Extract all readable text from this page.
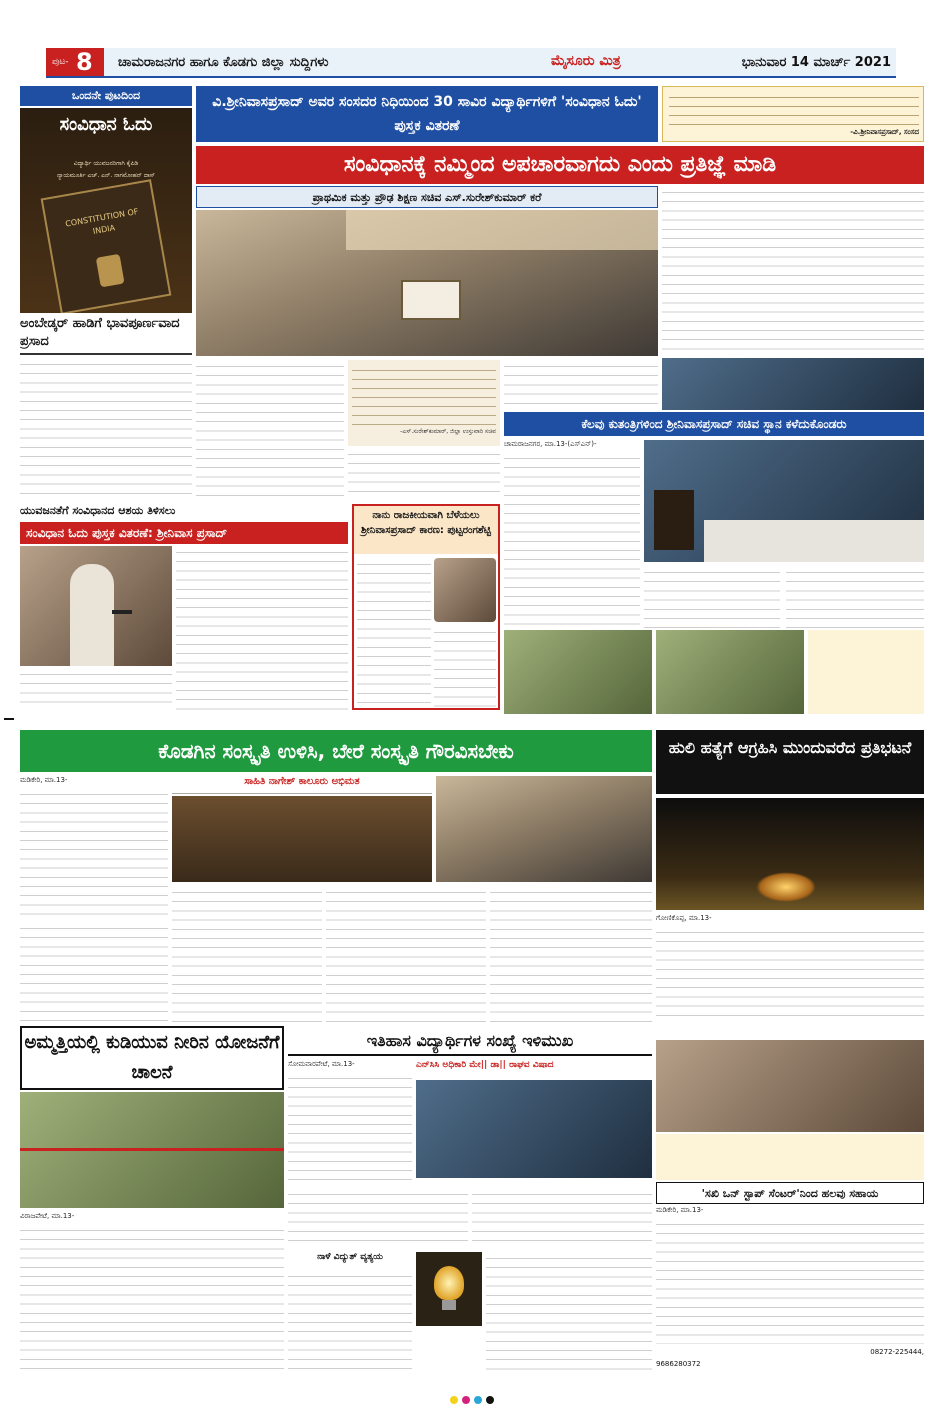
ಪುಟ- 8 ಚಾಮರಾಜನಗರ ಹಾಗೂ ಕೊಡಗು ಜಿಲ್ಲಾ ಸುದ್ದಿಗಳು	ಮೈಸೂರು ಮಿತ್ರ	ಭಾನುವಾರ 14 ಮಾರ್ಚ್ 2021
ಒಂದನೇ ಪುಟದಿಂದ
ಸಂವಿಧಾನ ಓದು
ವಿದ್ಯಾರ್ಥಿ ಯುವಜನರಿಗಾಗಿ ಕೈಪಿಡಿ
ನ್ಯಾಯಮೂರ್ತಿ ಎಚ್. ಎನ್. ನಾಗಮೋಹನ್ ದಾಸ್
CONSTITUTION OF INDIA
ಅಂಬೇಡ್ಕರ್ ಹಾಡಿಗೆ ಭಾವಪೂರ್ಣವಾದ ಪ್ರಸಾದ
ವಿ.ಶ್ರೀನಿವಾಸಪ್ರಸಾದ್ ಅವರ ಸಂಸದರ ನಿಧಿಯಿಂದ 30 ಸಾವಿರ ವಿದ್ಯಾರ್ಥಿಗಳಿಗೆ 'ಸಂವಿಧಾನ ಓದು' ಪುಸ್ತಕ ವಿತರಣೆ	-ವಿ.ಶ್ರೀನಿವಾಸಪ್ರಸಾದ್, ಸಂಸದ
ಸಂವಿಧಾನಕ್ಕೆ ನಮ್ಮಿಂದ ಅಪಚಾರವಾಗದು ಎಂದು ಪ್ರತಿಜ್ಞೆ ಮಾಡಿ
ಪ್ರಾಥಮಿಕ ಮತ್ತು ಪ್ರೌಢ ಶಿಕ್ಷಣ ಸಚಿವ ಎಸ್.ಸುರೇಶ್‌ಕುಮಾರ್ ಕರೆ
-ಎಸ್.ಸುರೇಶ್‌ಕುಮಾರ್, ಜಿಲ್ಲಾ ಉಸ್ತುವಾರಿ ಸಚಿವ
ಕೆಲವು ಕುತಂತ್ರಿಗಳಿಂದ ಶ್ರೀನಿವಾಸಪ್ರಸಾದ್ ಸಚಿವ ಸ್ಥಾನ ಕಳೆದುಕೊಂಡರು
ಚಾಮರಾಜನಗರ, ಮಾ.13-(ಎಸ್‌ಎನ್)-
ಯುವಜನತೆಗೆ ಸಂವಿಧಾನದ ಆಶಯ ತಿಳಿಸಲು
ಸಂವಿಧಾನ ಓದು ಪುಸ್ತಕ ವಿತರಣೆ: ಶ್ರೀನಿವಾಸ ಪ್ರಸಾದ್
ನಾನು ರಾಜಕೀಯವಾಗಿ ಬೆಳೆಯಲು ಶ್ರೀನಿವಾಸಪ್ರಸಾದ್ ಕಾರಣ: ಪುಟ್ಟರಂಗಶೆಟ್ಟಿ
ಕೊಡಗಿನ ಸಂಸ್ಕೃತಿ ಉಳಿಸಿ, ಬೇರೆ ಸಂಸ್ಕೃತಿ ಗೌರವಿಸಬೇಕು
ಸಾಹಿತಿ ನಾಗೇಶ್ ಕಾಲೂರು ಅಭಿಮತ
ಮಡಿಕೇರಿ, ಮಾ.13-
ಹುಲಿ ಹತ್ಯೆಗೆ ಆಗ್ರಹಿಸಿ ಮುಂದುವರೆದ ಪ್ರತಿಭಟನೆ
ಗೋಣಿಕೊಪ್ಪ, ಮಾ.13-
ಅಮ್ಮತ್ತಿಯಲ್ಲಿ ಕುಡಿಯುವ ನೀರಿನ ಯೋಜನೆಗೆ ಚಾಲನೆ
ವಿರಾಜಪೇಟೆ, ಮಾ.13-
ಇತಿಹಾಸ ವಿದ್ಯಾರ್ಥಿಗಳ ಸಂಖ್ಯೆ ಇಳಿಮುಖ
ಸೋಮವಾರಪೇಟೆ, ಮಾ.13-	ಎನ್‌ಸಿಸಿ ಅಧಿಕಾರಿ ಮೇ|| ಡಾ|| ರಾಘವ ವಿಷಾದ
ನಾಳೆ ವಿದ್ಯುತ್ ವ್ಯತ್ಯಯ
'ಸಖಿ ಒನ್ ಸ್ಟಾಪ್ ಸೆಂಟರ್'ನಿಂದ ಹಲವು ಸಹಾಯ
ಮಡಿಕೇರಿ, ಮಾ.13-
08272-225444,
9686280372
